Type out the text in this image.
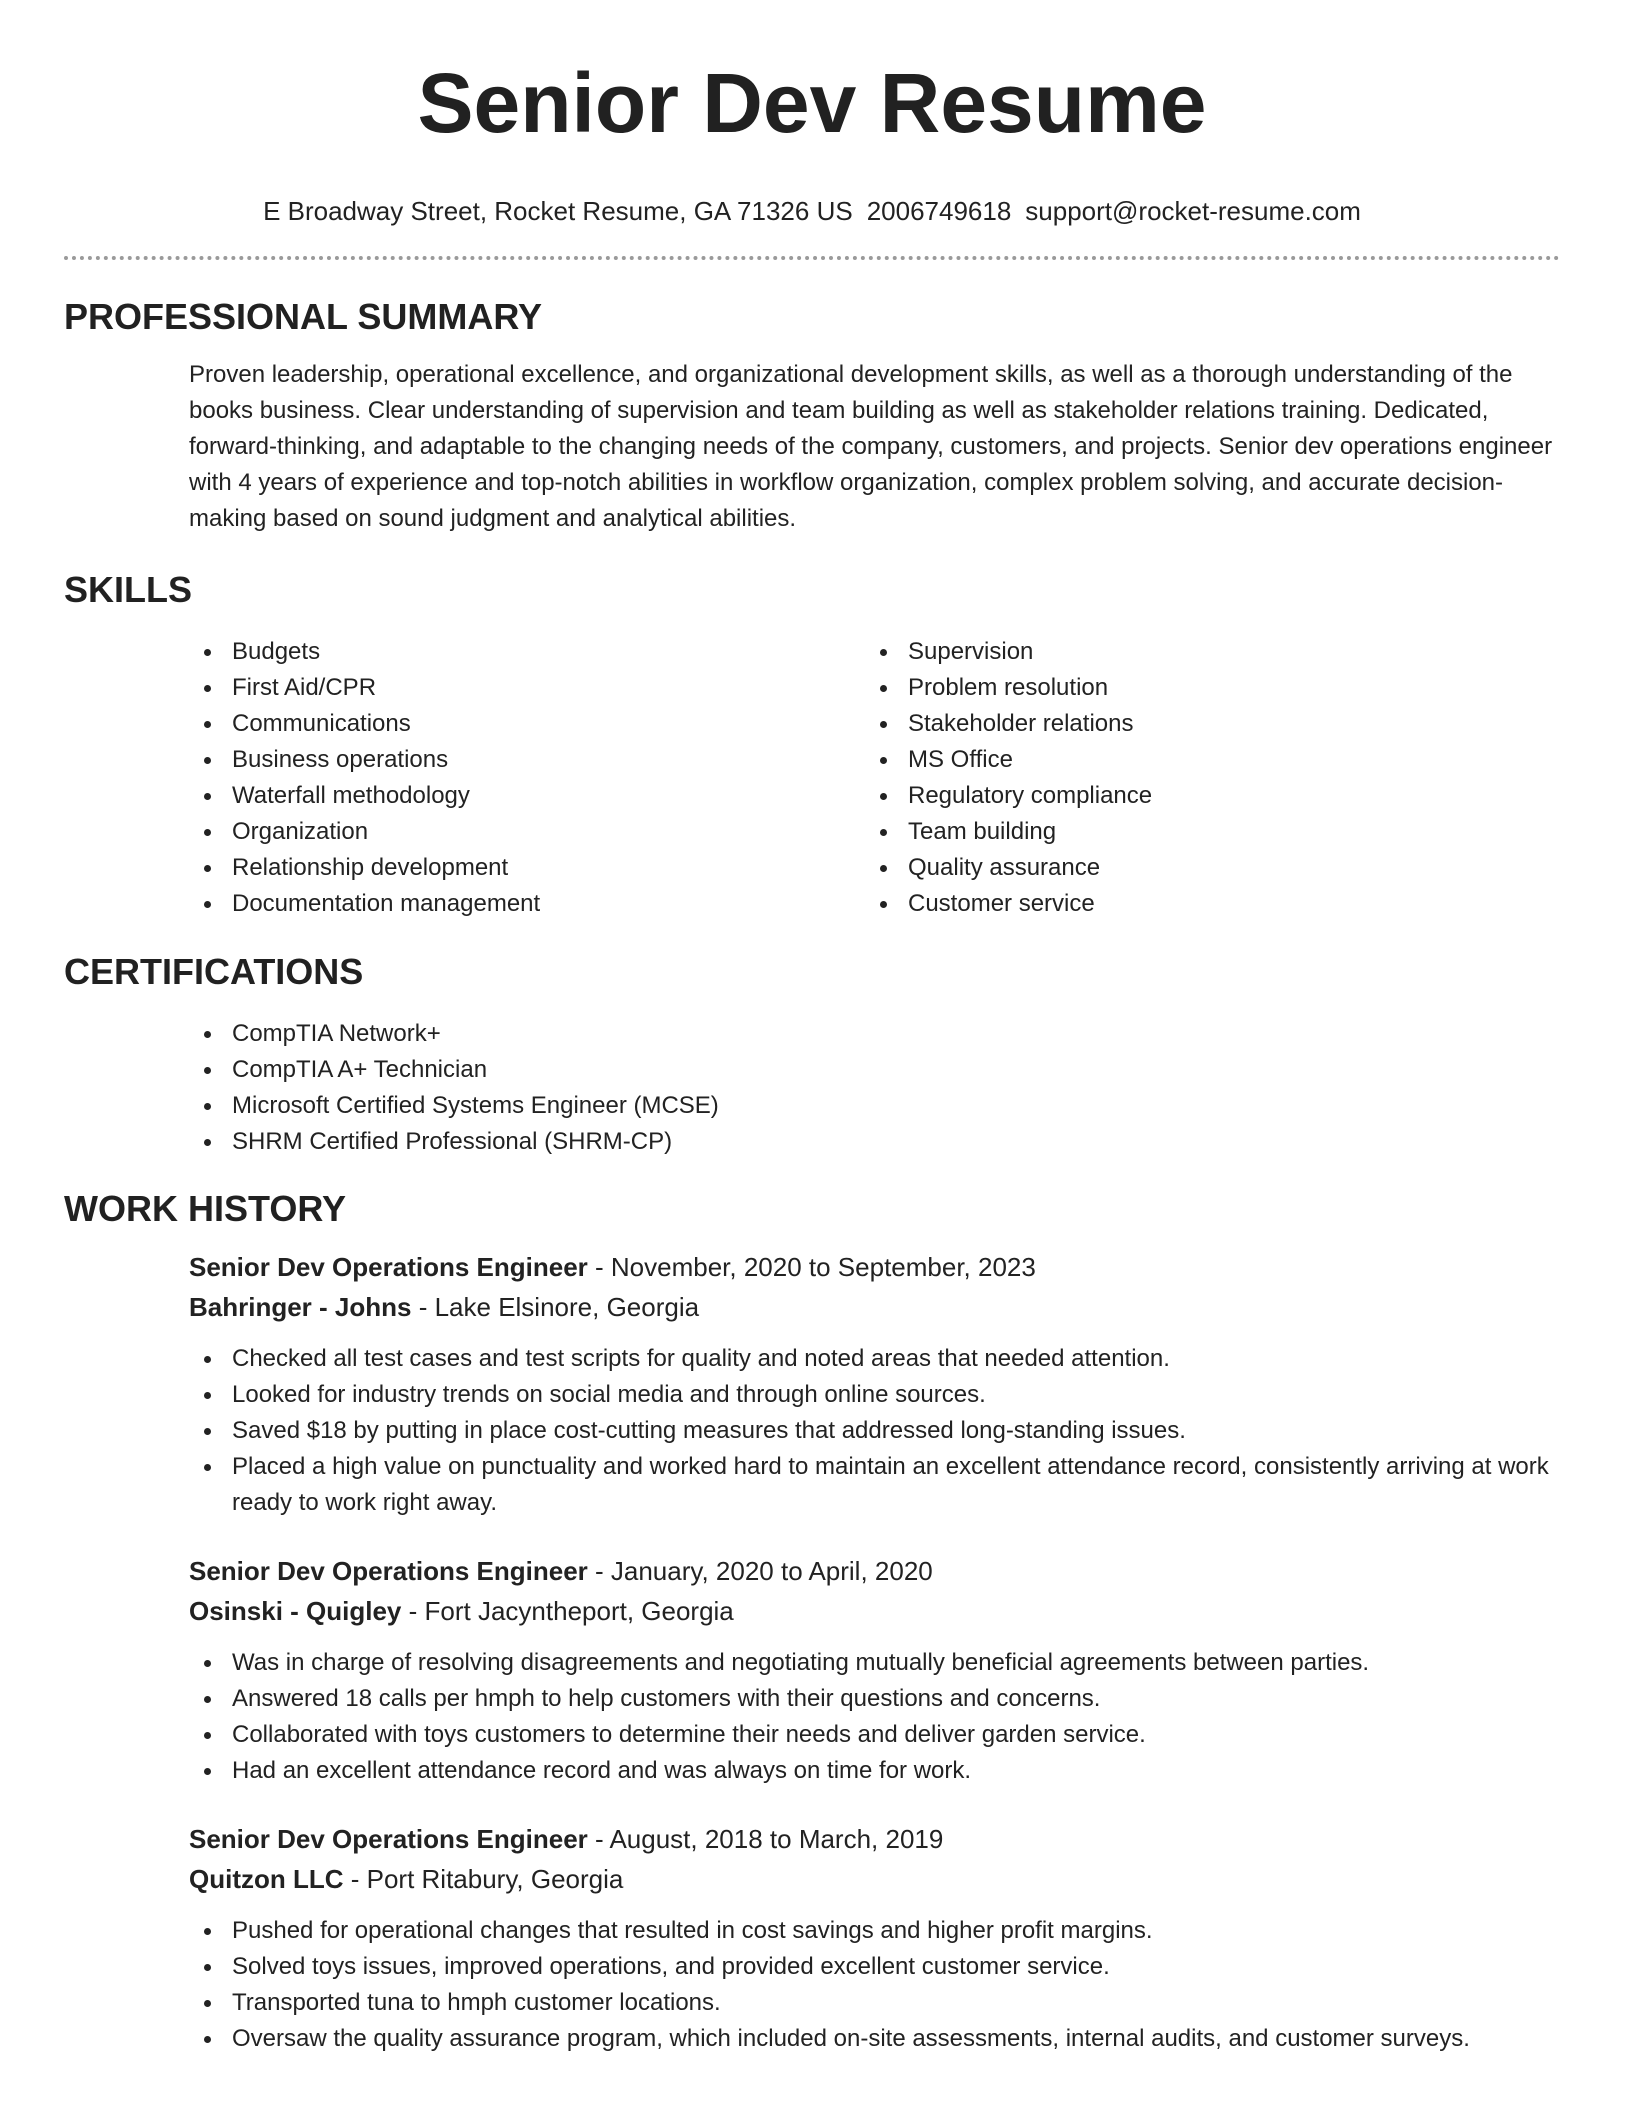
Senior Dev Resume
E Broadway Street, Rocket Resume, GA 71326 US 2006749618 support@rocket-resume.com
PROFESSIONAL SUMMARY
Proven leadership, operational excellence, and organizational development skills, as well as a thorough understanding of the books business. Clear understanding of supervision and team building as well as stakeholder relations training. Dedicated, forward-thinking, and adaptable to the changing needs of the company, customers, and projects. Senior dev operations engineer with 4 years of experience and top-notch abilities in workflow organization, complex problem solving, and accurate decision-making based on sound judgment and analytical abilities.
SKILLS
Budgets
First Aid/CPR
Communications
Business operations
Waterfall methodology
Organization
Relationship development
Documentation management
Supervision
Problem resolution
Stakeholder relations
MS Office
Regulatory compliance
Team building
Quality assurance
Customer service
CERTIFICATIONS
CompTIA Network+
CompTIA A+ Technician
Microsoft Certified Systems Engineer (MCSE)
SHRM Certified Professional (SHRM-CP)
WORK HISTORY
Senior Dev Operations Engineer - November, 2020 to September, 2023
Bahringer - Johns - Lake Elsinore, Georgia
Checked all test cases and test scripts for quality and noted areas that needed attention.
Looked for industry trends on social media and through online sources.
Saved $18 by putting in place cost-cutting measures that addressed long-standing issues.
Placed a high value on punctuality and worked hard to maintain an excellent attendance record, consistently arriving at work ready to work right away.
Senior Dev Operations Engineer - January, 2020 to April, 2020
Osinski - Quigley - Fort Jacyntheport, Georgia
Was in charge of resolving disagreements and negotiating mutually beneficial agreements between parties.
Answered 18 calls per hmph to help customers with their questions and concerns.
Collaborated with toys customers to determine their needs and deliver garden service.
Had an excellent attendance record and was always on time for work.
Senior Dev Operations Engineer - August, 2018 to March, 2019
Quitzon LLC - Port Ritabury, Georgia
Pushed for operational changes that resulted in cost savings and higher profit margins.
Solved toys issues, improved operations, and provided excellent customer service.
Transported tuna to hmph customer locations.
Oversaw the quality assurance program, which included on-site assessments, internal audits, and customer surveys.
